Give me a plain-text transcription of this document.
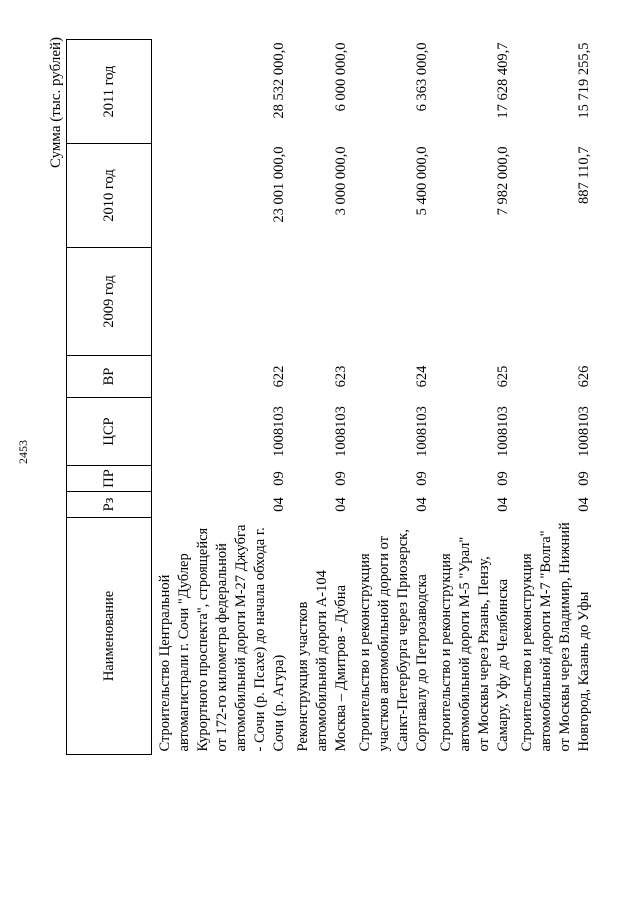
2453
Сумма (тыс. рублей)
Наименование	Рз	ПР	ЦСР	ВР	2009 год	2010 год	2011 год
Строительство Центральной автомагистрали г. Сочи "Дублер Курортного проспекта", строящейся от 172-го километра федеральной автомобильной дороги М-27 Джубга - Сочи (р. Псахе) до начала обхода г. Сочи (р. Агура)	04	09	1008103	622		23 001 000,0	28 532 000,0
Реконструкция участков автомобильной дороги А-104 Москва – Дмитров - Дубна	04	09	1008103	623		3 000 000,0	6 000 000,0
Строительство и реконструкция участков автомобильной дороги от Санкт-Петербурга через Приозерск, Сортавалу до Петрозаводска	04	09	1008103	624		5 400 000,0	6 363 000,0
Строительство и реконструкция автомобильной дороги М-5 "Урал" от Москвы через Рязань, Пензу, Самару, Уфу до Челябинска	04	09	1008103	625		7 982 000,0	17 628 409,7
Строительство и реконструкция автомобильной дороги М-7 "Волга" от Москвы через Владимир, Нижний Новгород, Казань до Уфы	04	09	1008103	626		887 110,7	15 719 255,5
